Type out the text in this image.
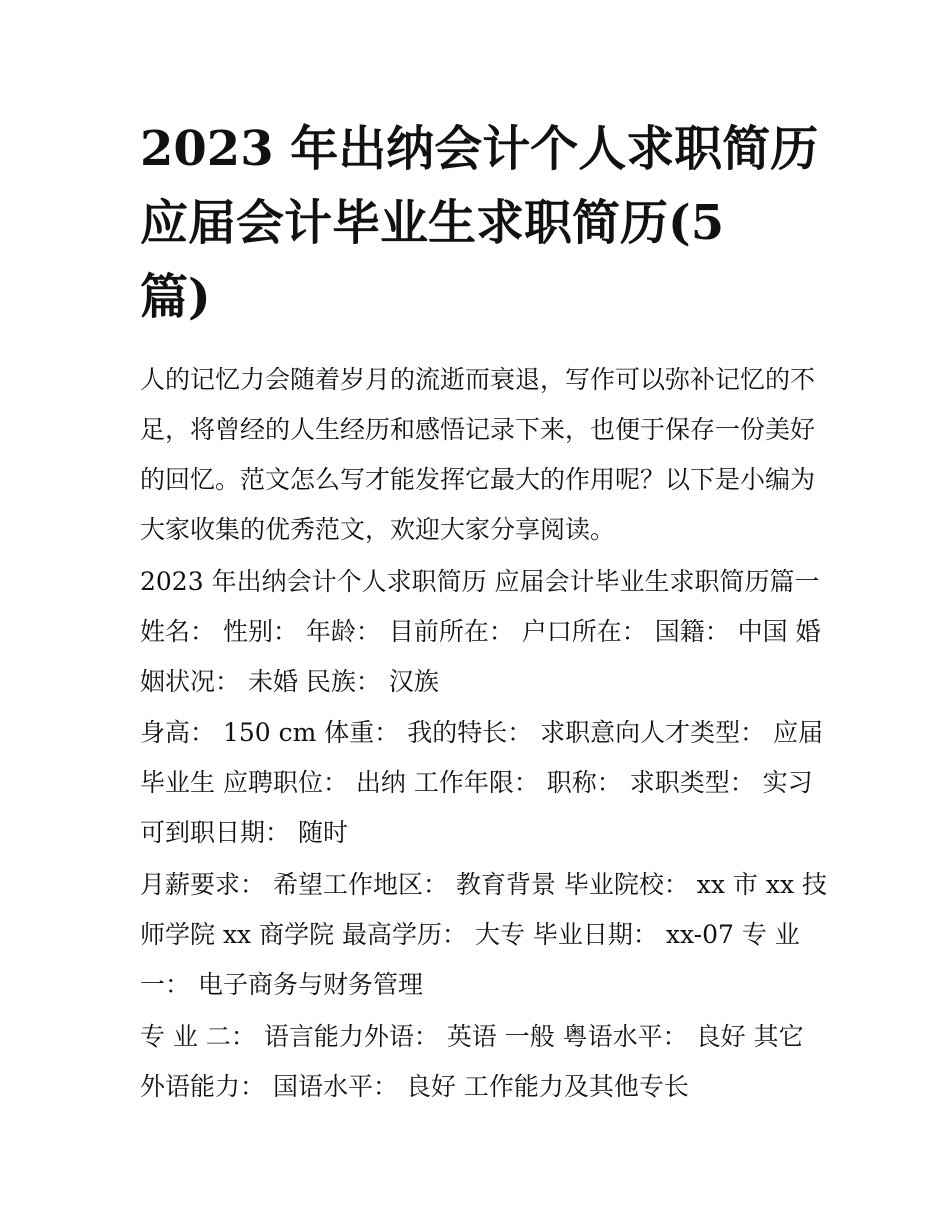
2023 年出纳会计个人求职简历
应届会计毕业生求职简历(5
篇)
人的记忆力会随着岁月的流逝而衰退，写作可以弥补记忆的不
足，将曾经的人生经历和感悟记录下来，也便于保存一份美好
的回忆。范文怎么写才能发挥它最大的作用呢？以下是小编为
大家收集的优秀范文，欢迎大家分享阅读。
2023 年出纳会计个人求职简历 应届会计毕业生求职简历篇一
姓名： 性别： 年龄： 目前所在： 户口所在： 国籍： 中国 婚
姻状况： 未婚 民族： 汉族
身高： 150 cm 体重： 我的特长： 求职意向人才类型： 应届
毕业生 应聘职位： 出纳 工作年限： 职称： 求职类型： 实习
可到职日期： 随时
月薪要求： 希望工作地区： 教育背景 毕业院校： xx 市 xx 技
师学院 xx 商学院 最高学历： 大专 毕业日期： xx-07 专 业
一： 电子商务与财务管理
专 业 二： 语言能力外语： 英语 一般 粤语水平： 良好 其它
外语能力： 国语水平： 良好 工作能力及其他专长
